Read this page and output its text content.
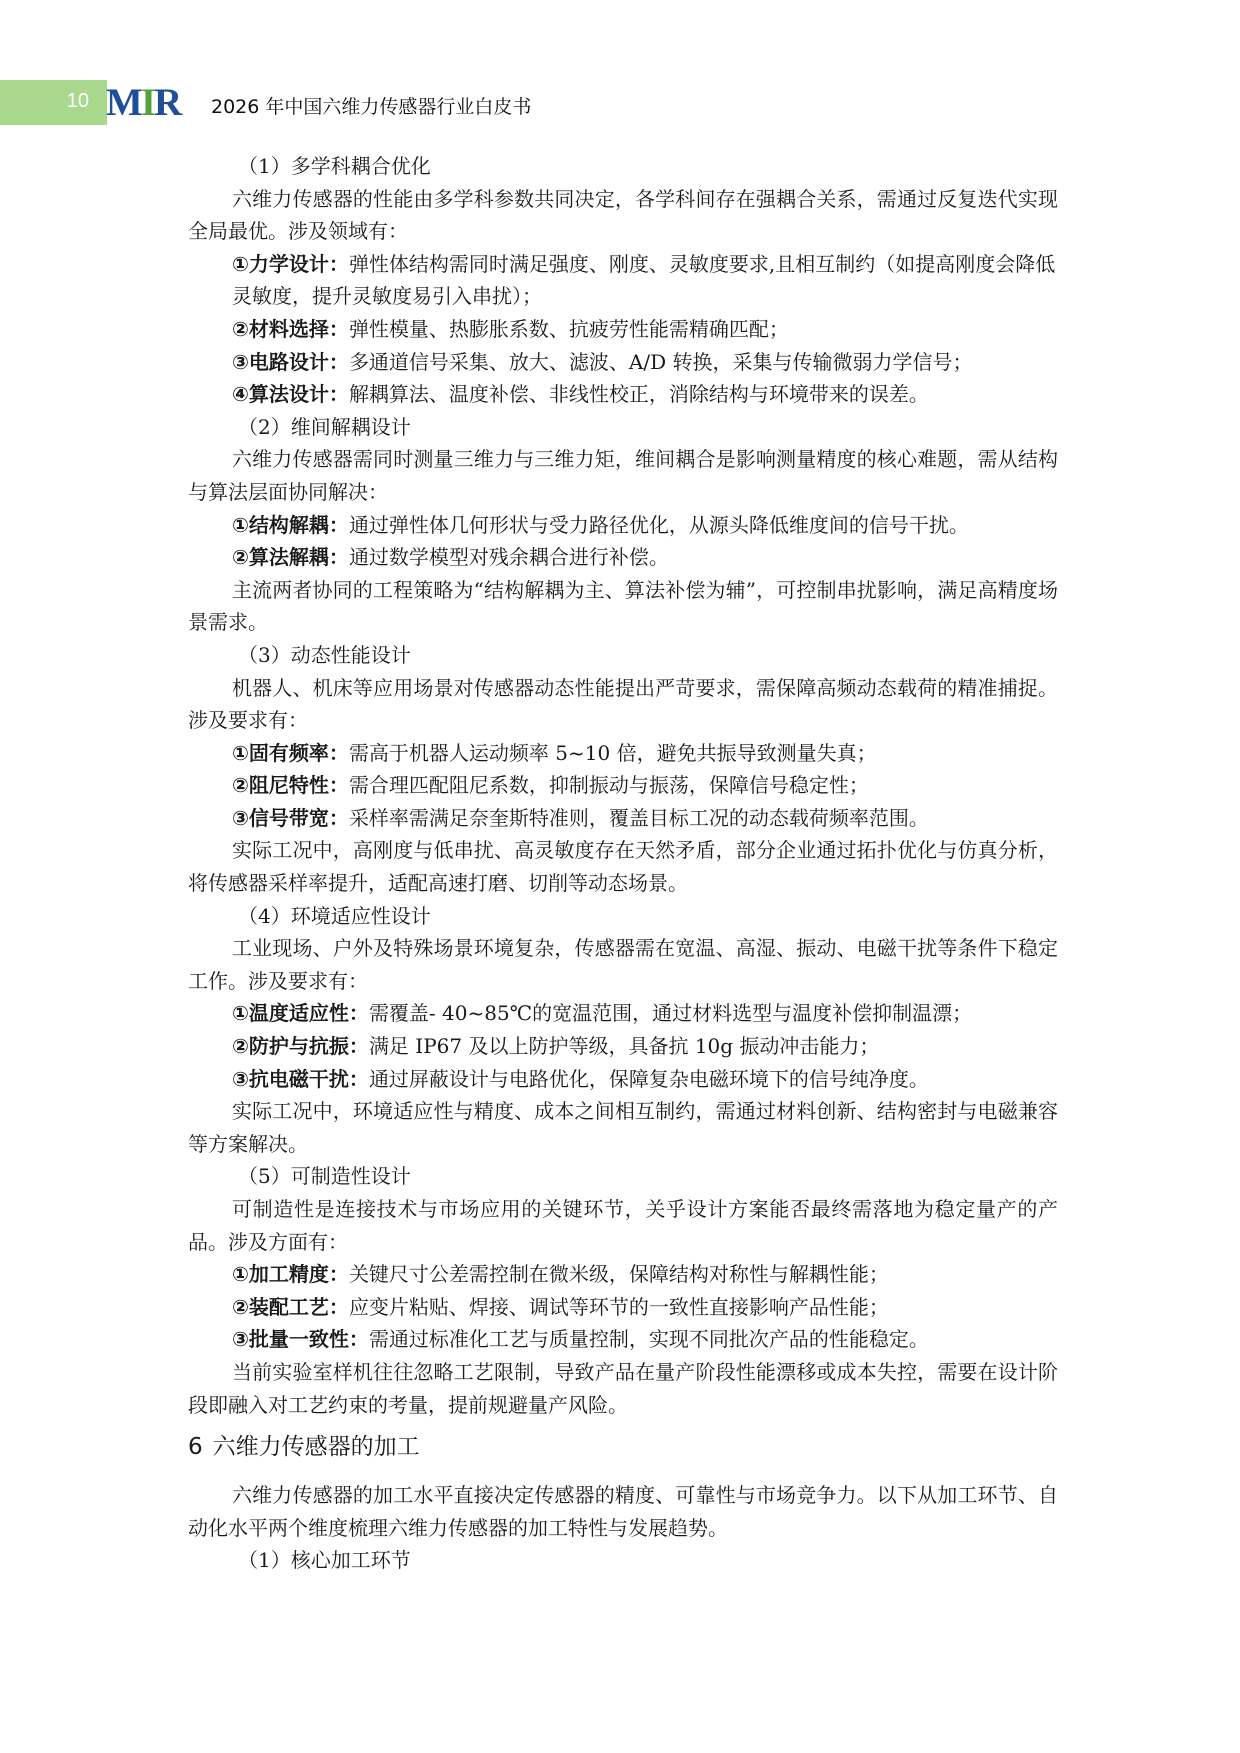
10 MIR 2026 年中国六维力传感器行业白皮书

（1）多学科耦合优化

六维力传感器的性能由多学科参数共同决定，各学科间存在强耦合关系，需通过反复迭代实现全局最优。涉及领域有：

①力学设计：弹性体结构需同时满足强度、刚度、灵敏度要求,且相互制约（如提高刚度会降低灵敏度，提升灵敏度易引入串扰）；

②材料选择：弹性模量、热膨胀系数、抗疲劳性能需精确匹配；

③电路设计：多通道信号采集、放大、滤波、A/D 转换，采集与传输微弱力学信号；

④算法设计：解耦算法、温度补偿、非线性校正，消除结构与环境带来的误差。

（2）维间解耦设计

六维力传感器需同时测量三维力与三维力矩，维间耦合是影响测量精度的核心难题，需从结构与算法层面协同解决：

①结构解耦：通过弹性体几何形状与受力路径优化，从源头降低维度间的信号干扰。

②算法解耦：通过数学模型对残余耦合进行补偿。

主流两者协同的工程策略为“结构解耦为主、算法补偿为辅”，可控制串扰影响，满足高精度场景需求。

（3）动态性能设计

机器人、机床等应用场景对传感器动态性能提出严苛要求，需保障高频动态载荷的精准捕捉。涉及要求有：

①固有频率：需高于机器人运动频率 5~10 倍，避免共振导致测量失真；

②阻尼特性：需合理匹配阻尼系数，抑制振动与振荡，保障信号稳定性；

③信号带宽：采样率需满足奈奎斯特准则，覆盖目标工况的动态载荷频率范围。

实际工况中，高刚度与低串扰、高灵敏度存在天然矛盾，部分企业通过拓扑优化与仿真分析，将传感器采样率提升，适配高速打磨、切削等动态场景。

（4）环境适应性设计

工业现场、户外及特殊场景环境复杂，传感器需在宽温、高湿、振动、电磁干扰等条件下稳定工作。涉及要求有：

①温度适应性：需覆盖- 40~85℃的宽温范围，通过材料选型与温度补偿抑制温漂；

②防护与抗振：满足 IP67 及以上防护等级，具备抗 10g 振动冲击能力；

③抗电磁干扰：通过屏蔽设计与电路优化，保障复杂电磁环境下的信号纯净度。

实际工况中，环境适应性与精度、成本之间相互制约，需通过材料创新、结构密封与电磁兼容等方案解决。

（5）可制造性设计

可制造性是连接技术与市场应用的关键环节，关乎设计方案能否最终需落地为稳定量产的产品。涉及方面有：

①加工精度：关键尺寸公差需控制在微米级，保障结构对称性与解耦性能；

②装配工艺：应变片粘贴、焊接、调试等环节的一致性直接影响产品性能；

③批量一致性：需通过标准化工艺与质量控制，实现不同批次产品的性能稳定。

当前实验室样机往往忽略工艺限制，导致产品在量产阶段性能漂移或成本失控，需要在设计阶段即融入对工艺约束的考量，提前规避量产风险。

6 六维力传感器的加工

六维力传感器的加工水平直接决定传感器的精度、可靠性与市场竞争力。以下从加工环节、自动化水平两个维度梳理六维力传感器的加工特性与发展趋势。

（1）核心加工环节
